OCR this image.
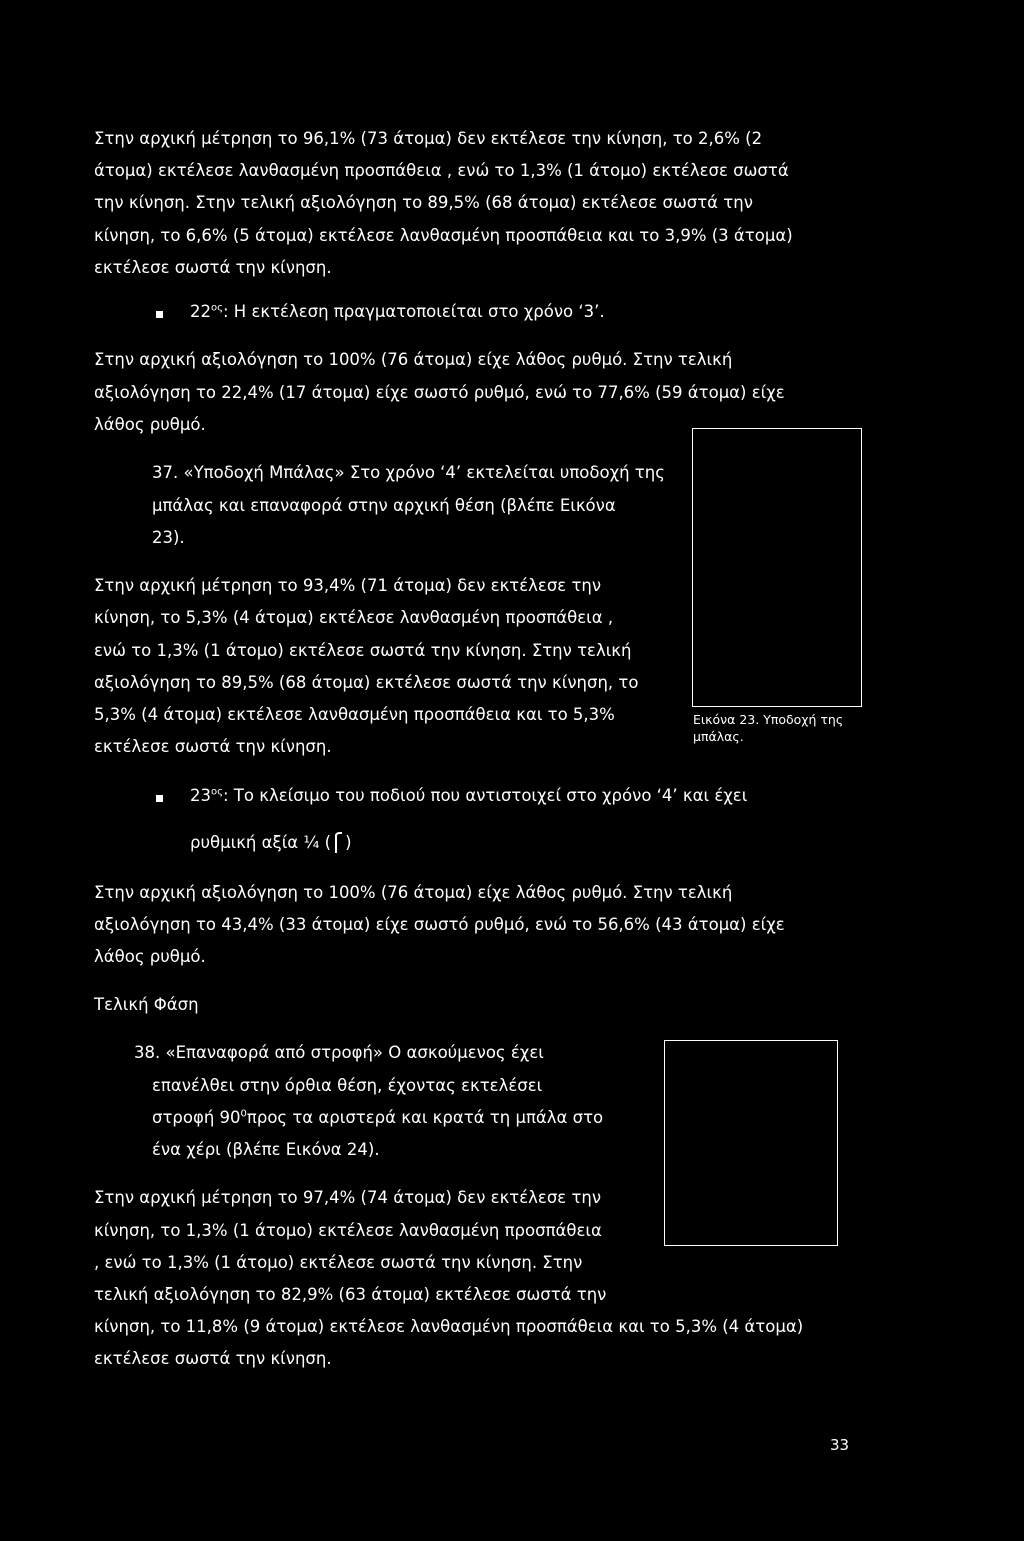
Στην αρχική μέτρηση το 96,1% (73 άτομα) δεν εκτέλεσε την κίνηση, το 2,6% (2
άτομα) εκτέλεσε λανθασμένη προσπάθεια , ενώ το 1,3% (1 άτομο) εκτέλεσε σωστά
την κίνηση. Στην τελική αξιολόγηση το 89,5% (68 άτομα) εκτέλεσε σωστά την
κίνηση, το 6,6% (5 άτομα) εκτέλεσε λανθασμένη προσπάθεια και το 3,9% (3 άτομα)
εκτέλεσε σωστά την κίνηση.
$22^{o\varsigma}$: Η εκτέλεση πραγματοποιείται στο χρόνο ‘3’.
Στην αρχική αξιολόγηση το 100% (76 άτομα) είχε λάθος ρυθμό. Στην τελική
αξιολόγηση το 22,4% (17 άτομα) είχε σωστό ρυθμό, ενώ το 77,6% (59 άτομα) είχε
λάθος ρυθμό.
37. «Υποδοχή Μπάλας» Στο χρόνο ‘4’ εκτελείται υποδοχή της
μπάλας και επαναφορά στην αρχική θέση (βλέπε Εικόνα
23).
Στην αρχική μέτρηση το 93,4% (71 άτομα) δεν εκτέλεσε την
κίνηση, το 5,3% (4 άτομα) εκτέλεσε λανθασμένη προσπάθεια ,
ενώ το 1,3% (1 άτομο) εκτέλεσε σωστά την κίνηση. Στην τελική
αξιολόγηση το 89,5% (68 άτομα) εκτέλεσε σωστά την κίνηση, το
5,3% (4 άτομα) εκτέλεσε λανθασμένη προσπάθεια και το 5,3%
εκτέλεσε σωστά την κίνηση.
Εικόνα 23. Υποδοχή της
μπάλας.
$23^{o\varsigma}$: Το κλείσιμο του ποδιού που αντιστοιχεί στο χρόνο ‘4’ και έχει
ρυθμική αξία ¼ ( )
Στην αρχική αξιολόγηση το 100% (76 άτομα) είχε λάθος ρυθμό. Στην τελική
αξιολόγηση το 43,4% (33 άτομα) είχε σωστό ρυθμό, ενώ το 56,6% (43 άτομα) είχε
λάθος ρυθμό.
Τελική Φάση
38. «Επαναφορά από στροφή» Ο ασκούμενος έχει
επανέλθει στην όρθια θέση, έχοντας εκτελέσει
στροφή $90^0\pi\rho o\varsigma$ τα αριστερά και κρατά τη μπάλα στο
ένα χέρι (βλέπε Εικόνα 24).
Στην αρχική μέτρηση το 97,4% (74 άτομα) δεν εκτέλεσε την
κίνηση, το 1,3% (1 άτομο) εκτέλεσε λανθασμένη προσπάθεια
, ενώ το 1,3% (1 άτομο) εκτέλεσε σωστά την κίνηση. Στην
τελική αξιολόγηση το 82,9% (63 άτομα) εκτέλεσε σωστά την
κίνηση, το 11,8% (9 άτομα) εκτέλεσε λανθασμένη προσπάθεια και το 5,3% (4 άτομα)
εκτέλεσε σωστά την κίνηση.
33
